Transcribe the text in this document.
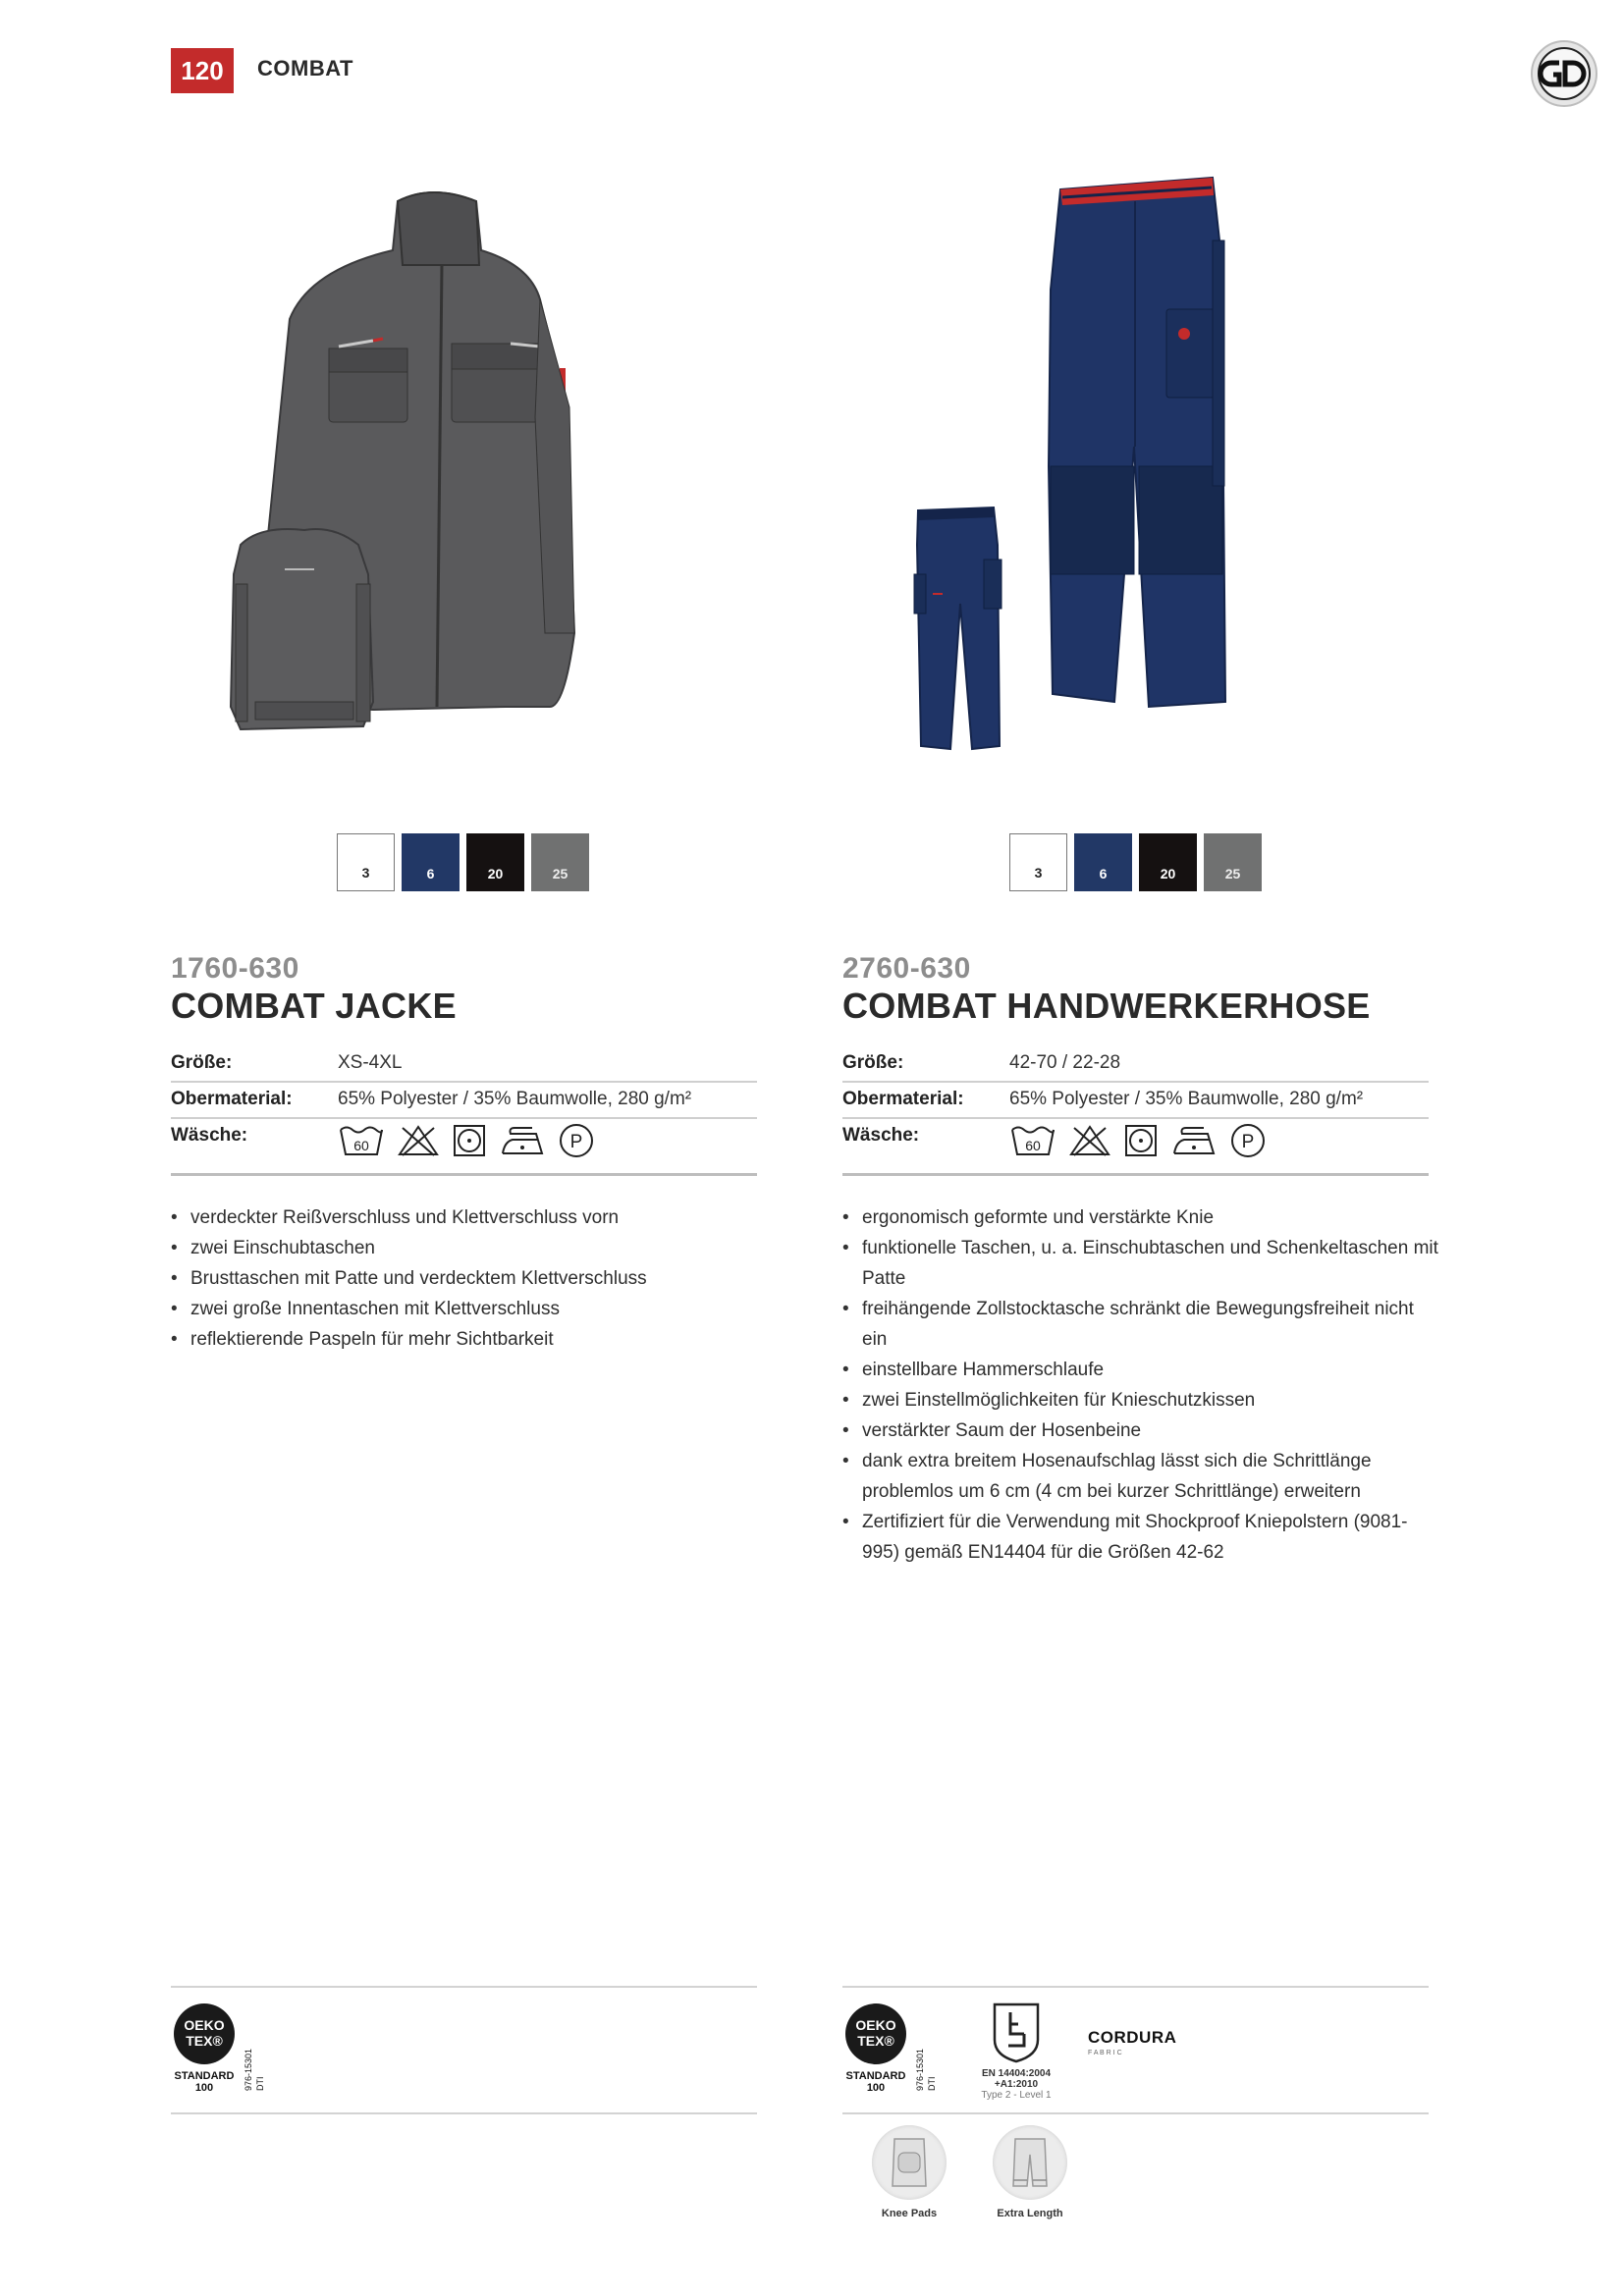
120	COMBAT
3	6	20	25	3	6	20	25
1760-630
COMBAT JACKE
Größe:	XS-4XL
Obermaterial:	65% Polyester / 35% Baumwolle, 280 g/m²
Wäsche:	60	P
• verdeckter Reißverschluss und Klettverschluss vorn
• zwei Einschubtaschen
• Brusttaschen mit Patte und verdecktem Klettverschluss
• zwei große Innentaschen mit Klettverschluss
• reflektierende Paspeln für mehr Sichtbarkeit
2760-630
COMBAT HANDWERKERHOSE
Größe:	42-70 / 22-28
Obermaterial:	65% Polyester / 35% Baumwolle, 280 g/m²
Wäsche:	60	P
• ergonomisch geformte und verstärkte Knie
• funktionelle Taschen, u. a. Einschubtaschen und Schenkeltaschen mit Patte
• freihängende Zollstocktasche schränkt die Bewegungsfreiheit nicht ein
• einstellbare Hammerschlaufe
• zwei Einstellmöglichkeiten für Knieschutzkissen
• verstärkter Saum der Hosenbeine
• dank extra breitem Hosenaufschlag lässt sich die Schrittlänge problemlos um 6 cm (4 cm bei kurzer Schrittlänge) erweitern
• Zertifiziert für die Verwendung mit Shockproof Kniepolstern (9081-995) gemäß EN14404 für die Größen 42-62
OEKO
TEX®
STANDARD
100	976-15301 DTI
OEKO
TEX®
STANDARD
100	976-15301 DTI
EN 14404:2004
+A1:2010
Type 2 - Level 1
CORDURA
F A B R I C
Knee Pads	Extra Length
